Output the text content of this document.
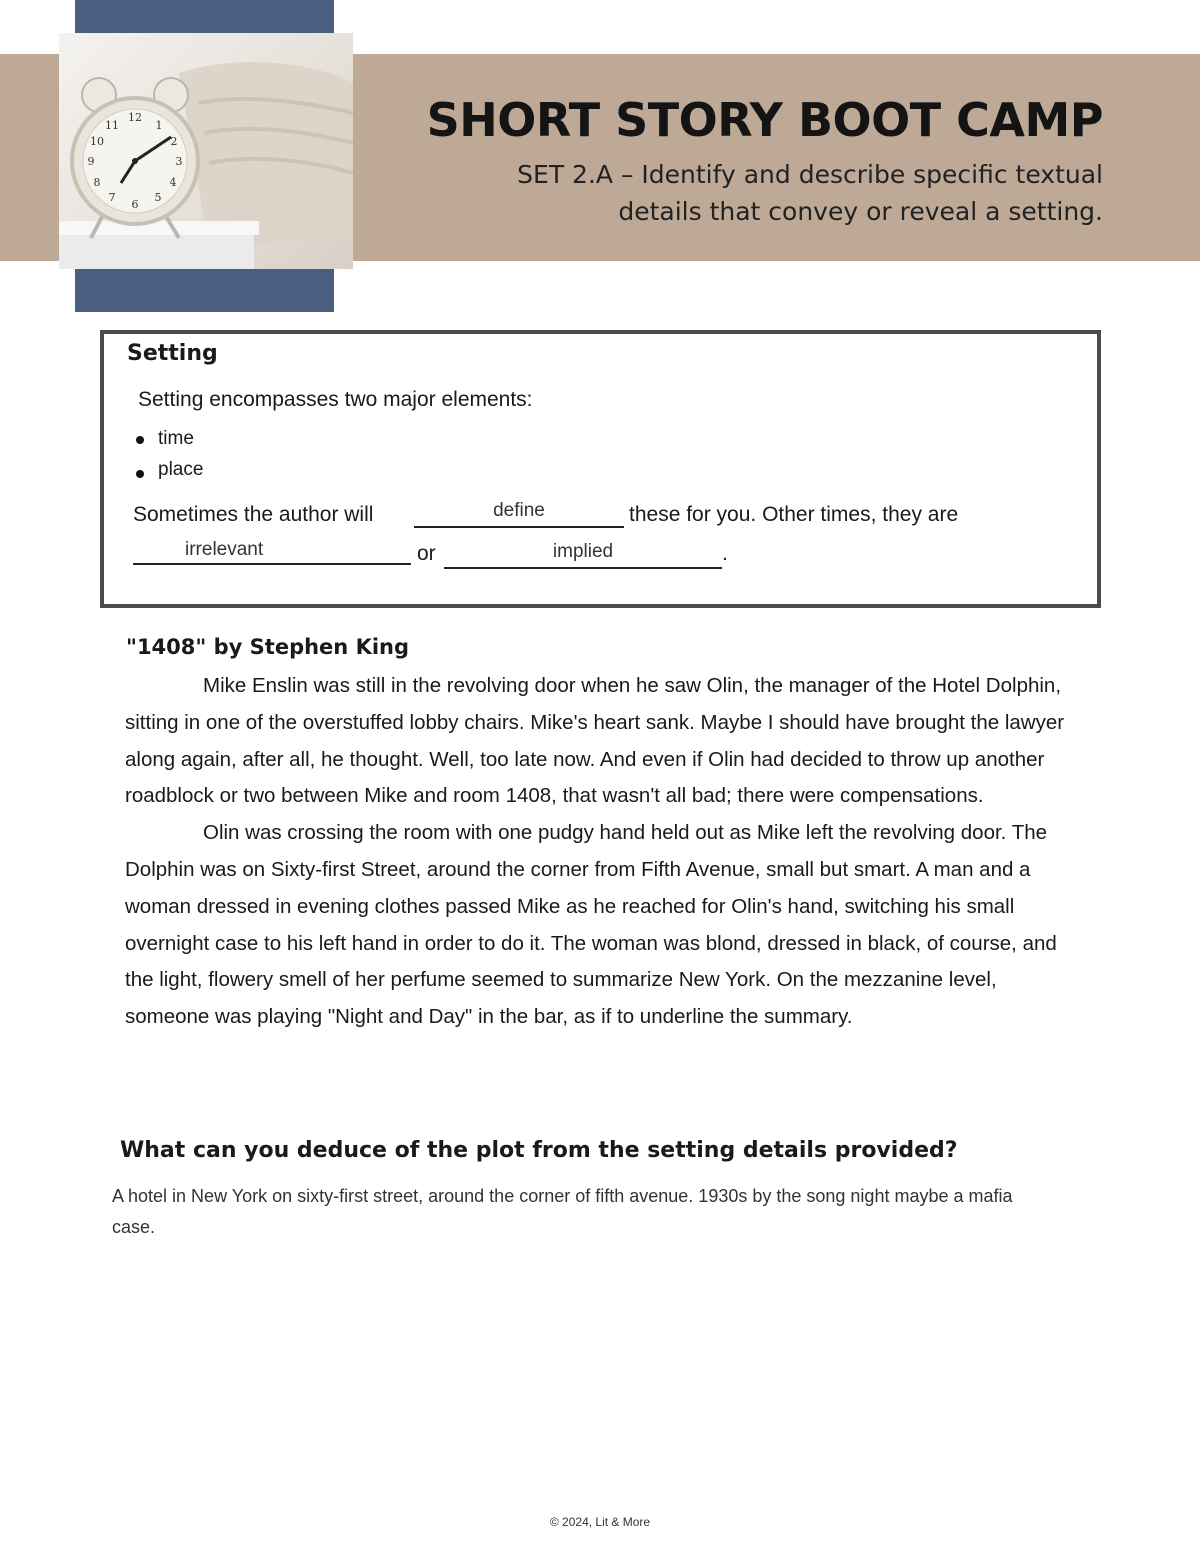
12
1
2
3
4
5
6
7
8
9
10
11	SHORT STORY BOOT CAMP
SET 2.A – Identify and describe specific textual
details that convey or reveal a setting.
Setting
Setting encompasses two major elements:
time
place
Sometimes the author will	define	these for you. Other times, they are
irrelevant	or	implied	.
"1408" by Stephen King

Mike Enslin was still in the revolving door when he saw Olin, the manager of the Hotel Dolphin, sitting in one of the overstuffed lobby chairs. Mike's heart sank. Maybe I should have brought the lawyer along again, after all, he thought. Well, too late now. And even if Olin had decided to throw up another roadblock or two between Mike and room 1408, that wasn't all bad; there were compensations.

Olin was crossing the room with one pudgy hand held out as Mike left the revolving door. The Dolphin was on Sixty-first Street, around the corner from Fifth Avenue, small but smart. A man and a woman dressed in evening clothes passed Mike as he reached for Olin's hand, switching his small overnight case to his left hand in order to do it. The woman was blond, dressed in black, of course, and the light, flowery smell of her perfume seemed to summarize New York. On the mezzanine level, someone was playing "Night and Day" in the bar, as if to underline the summary.

What can you deduce of the plot from the setting details provided?
A hotel in New York on sixty-first street, around the corner of fifth avenue. 1930s by the song night maybe a mafia case.
© 2024, Lit & More
